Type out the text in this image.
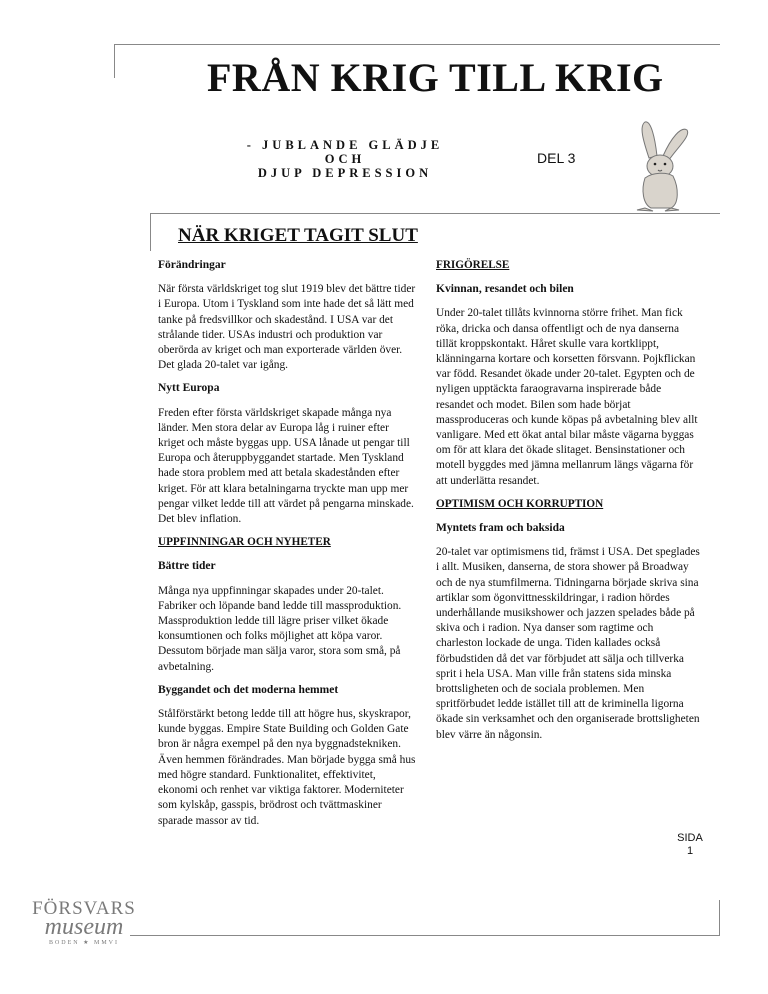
FRÅN KRIG TILL KRIG
- JUBLANDE GLÄDJE
OCH
DJUP DEPRESSION
DEL 3
NÄR KRIGET TAGIT SLUT
Förändringar

När första världskriget tog slut 1919 blev det bättre tider i Europa. Utom i Tyskland som inte hade det så lätt med tanke på fredsvillkor och skadestånd. I USA var det strålande tider. USAs industri och produktion var oberörda av kriget och man exporterade världen över. Det glada 20-talet var igång.

Nytt Europa

Freden efter första världskriget skapade många nya länder. Men stora delar av Europa låg i ruiner efter kriget och måste byggas upp. USA lånade ut pengar till Europa och återuppbyggandet startade. Men Tyskland hade stora problem med att betala skadestånden efter kriget. För att klara betalningarna tryckte man upp mer pengar vilket ledde till att värdet på pengarna minskade. Det blev inflation.

UPPFINNINGAR OCH NYHETER
Bättre tider

Många nya uppfinningar skapades under 20-talet. Fabriker och löpande band ledde till massproduktion. Massproduktion ledde till lägre priser vilket ökade konsumtionen och folks möjlighet att köpa varor. Dessutom började man sälja varor, stora som små, på avbetalning.

Byggandet och det moderna hemmet

Stålförstärkt betong ledde till att högre hus, skyskrapor, kunde byggas. Empire State Building och Golden Gate bron är några exempel på den nya byggnadstekniken. Även hemmen förändrades. Man började bygga små hus med högre standard. Funktionalitet, effektivitet, ekonomi och renhet var viktiga faktorer. Moderniteter som kylskåp, gasspis, brödrost och tvättmaskiner sparade massor av tid.

FRIGÖRELSE
Kvinnan, resandet och bilen

Under 20-talet tillåts kvinnorna större frihet. Man fick röka, dricka och dansa offentligt och de nya danserna tillät kroppskontakt. Håret skulle vara kortklippt, klänningarna kortare och korsetten försvann. Pojkflickan var född. Resandet ökade under 20-talet. Egypten och de nyligen upptäckta faraogravarna inspirerade både resandet och modet. Bilen som hade börjat massproduceras och kunde köpas på avbetalning blev allt vanligare. Med ett ökat antal bilar måste vägarna byggas om för att klara det ökade slitaget. Bensinstationer och motell byggdes med jämna mellanrum längs vägarna för att underlätta resandet.

OPTIMISM OCH KORRUPTION
Myntets fram och baksida

20-talet var optimismens tid, främst i USA. Det speglades i allt. Musiken, danserna, de stora shower på Broadway och de nya stumfilmerna. Tidningarna började skriva sina artiklar som ögonvittnesskildringar, i radion hördes underhållande musikshower och jazzen spelades både på skiva och i radion. Nya danser som ragtime och charleston lockade de unga. Tiden kallades också förbudstiden då det var förbjudet att sälja och tillverka sprit i hela USA. Man ville från statens sida minska brottsligheten och de sociala problemen. Men spritförbudet ledde istället till att de kriminella ligorna ökade sin verksamhet och den organiserade brottsligheten blev värre än någonsin.

SIDA
1
FÖRSVARS
museum
BODEN ★ MMVI
